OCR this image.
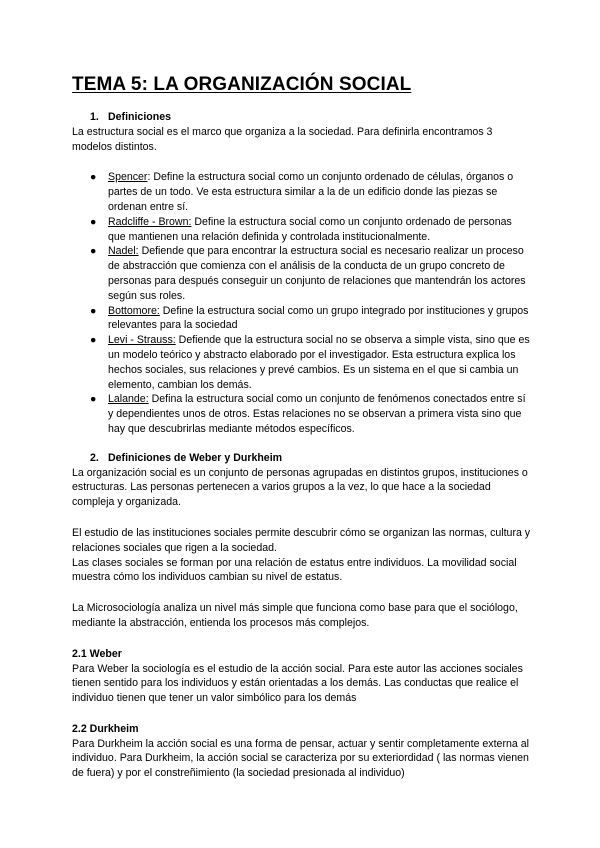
TEMA 5: LA ORGANIZACIÓN SOCIAL
1. Definiciones

La estructura social es el marco que organiza a la sociedad. Para definirla encontramos 3 modelos distintos.

● Spencer: Define la estructura social como un conjunto ordenado de células, órganos o partes de un todo. Ve esta estructura similar a la de un edificio donde las piezas se ordenan entre sí.
● Radcliffe - Brown: Define la estructura social como un conjunto ordenado de personas que mantienen una relación definida y controlada institucionalmente.
● Nadel: Defiende que para encontrar la estructura social es necesario realizar un proceso de abstracción que comienza con el análisis de la conducta de un grupo concreto de personas para después conseguir un conjunto de relaciones que mantendrán los actores según sus roles.
● Bottomore: Define la estructura social como un grupo integrado por instituciones y grupos relevantes para la sociedad
● Levi - Strauss: Defiende que la estructura social no se observa a simple vista, sino que es un modelo teórico y abstracto elaborado por el investigador. Esta estructura explica los hechos sociales, sus relaciones y prevé cambios. Es un sistema en el que si cambia un elemento, cambian los demás.
● Lalande: Defina la estructura social como un conjunto de fenómenos conectados entre sí y dependientes unos de otros. Estas relaciones no se observan a primera vista sino que hay que descubrirlas mediante métodos específicos.
2. Definiciones de Weber y Durkheim

La organización social es un conjunto de personas agrupadas en distintos grupos, instituciones o estructuras. Las personas pertenecen a varios grupos a la vez, lo que hace a la sociedad compleja y organizada.

El estudio de las instituciones sociales permite descubrir cómo se organizan las normas, cultura y relaciones sociales que rigen a la sociedad.

Las clases sociales se forman por una relación de estatus entre individuos. La movilidad social muestra cómo los individuos cambian su nivel de estatus.

La Microsociología analiza un nivel más simple que funciona como base para que el sociólogo, mediante la abstracción, entienda los procesos más complejos.

2.1 Weber

Para Weber la sociología es el estudio de la acción social. Para este autor las acciones sociales tienen sentido para los individuos y están orientadas a los demás. Las conductas que realice el individuo tienen que tener un valor simbólico para los demás

2.2 Durkheim

Para Durkheim la acción social es una forma de pensar, actuar y sentir completamente externa al individuo. Para Durkheim, la acción social se caracteriza por su exteriordidad ( las normas vienen de fuera) y por el constreñimiento (la sociedad presionada al individuo)
